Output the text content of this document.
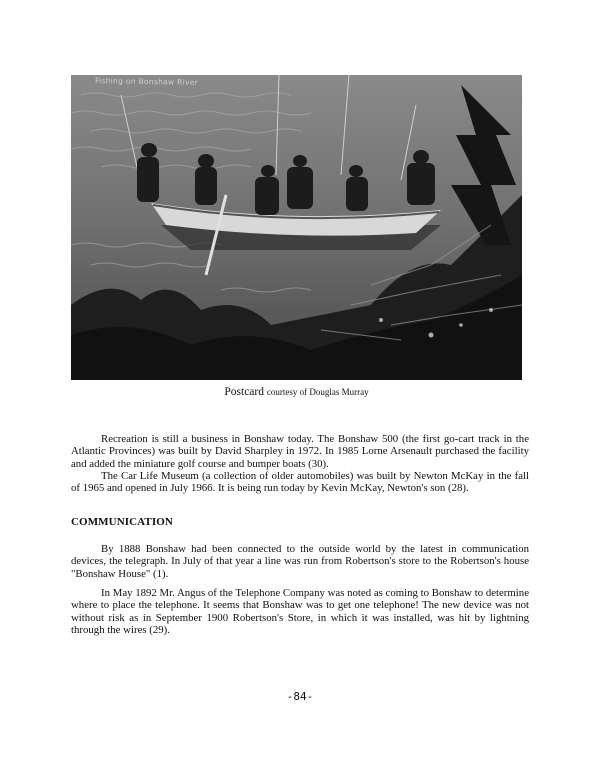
Fishing on Bonshaw River
Postcard courtesy of Douglas Murray

Recreation is still a business in Bonshaw today. The Bonshaw 500 (the first go-cart track in the Atlantic Provinces) was built by David Sharpley in 1972. In 1985 Lorne Arsenault purchased the facility and added the miniature golf course and bumper boats (30).

The Car Life Museum (a collection of older automobiles) was built by Newton McKay in the fall of 1965 and opened in July 1966. It is being run today by Kevin McKay, Newton's son (28).

COMMUNICATION

By 1888 Bonshaw had been connected to the outside world by the latest in communication devices, the telegraph. In July of that year a line was run from Robertson's store to the Robertson's house "Bonshaw House" (1).

In May 1892 Mr. Angus of the Telephone Company was noted as coming to Bonshaw to determine where to place the telephone. It seems that Bonshaw was to get one telephone! The new device was not without risk as in September 1900 Robertson's Store, in which it was installed, was hit by lightning through the wires (29).

-84-
